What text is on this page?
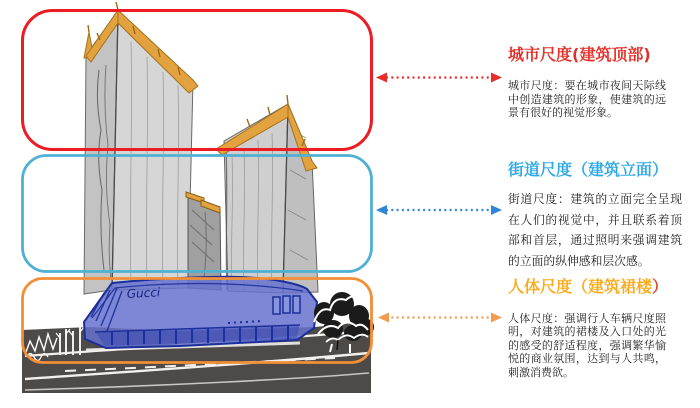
Gucci
城市尺度(建筑顶部)
城市尺度：要在城市夜间天际线中创造建筑的形象，使建筑的远景有很好的视觉形象。
街道尺度（建筑立面）
街道尺度：建筑的立面完全呈现在人们的视觉中，并且联系着顶部和首层，通过照明来强调建筑的立面的纵伸感和层次感。
人体尺度（建筑裙楼）
人体尺度：强调行人车辆尺度照明，对建筑的裙楼及入口处的光的感受的舒适程度，强调繁华愉悦的商业氛围，达到与人共鸣，刺激消费欲。
